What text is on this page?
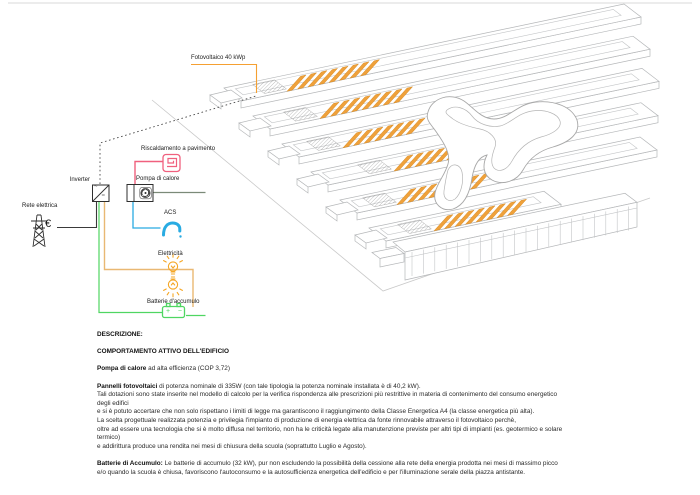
Fotovoltaico 40 kWp
Rete elettrica
€
Inverter
~
=
Riscaldamento a pavimento
Pompa di calore
ACS
Elettricità
Batterie d'accumulo
+ −
DESCRIZIONE:
COMPORTAMENTO ATTIVO DELL'EDIFICIO
Pompa di calore ad alta efficienza (COP 3,72)
Pannelli fotovoltaici di potenza nominale di 335W (con tale tipologia la potenza nominale installata è di 40,2 kW).
Tali dotazioni sono state inserite nel modello di calcolo per la verifica rispondenza alle prescrizioni più restrittive in materia di contenimento del consumo energetico degli edifici
e si è potuto accertare che non solo rispettano i limiti di legge ma garantiscono il raggiungimento della Classe Energetica A4 (la classe energetica più alta).
La scelta progettuale realizzata potenzia e privilegia l'impianto di produzione di energia elettrica da fonte rinnovabile attraverso il fotovoltaico perchè,
oltre ad essere una tecnologia che si è molto diffusa nel territorio, non ha le criticità legate alla manutenzione previste per altri tipi di impianti (es. geotermico e solare termico)
e addirittura produce una rendita nei mesi di chiusura della scuola (soprattutto Luglio e Agosto).
Batterie di Accumulo: Le batterie di accumulo (32 kW), pur non escludendo la possibilità della cessione alla rete della energia prodotta nei mesi di massimo picco
e/o quando la scuola è chiusa, favoriscono l'autoconsumo e la autosufficienza energetica dell'edificio e per l'illuminazione serale della piazza antistante.
